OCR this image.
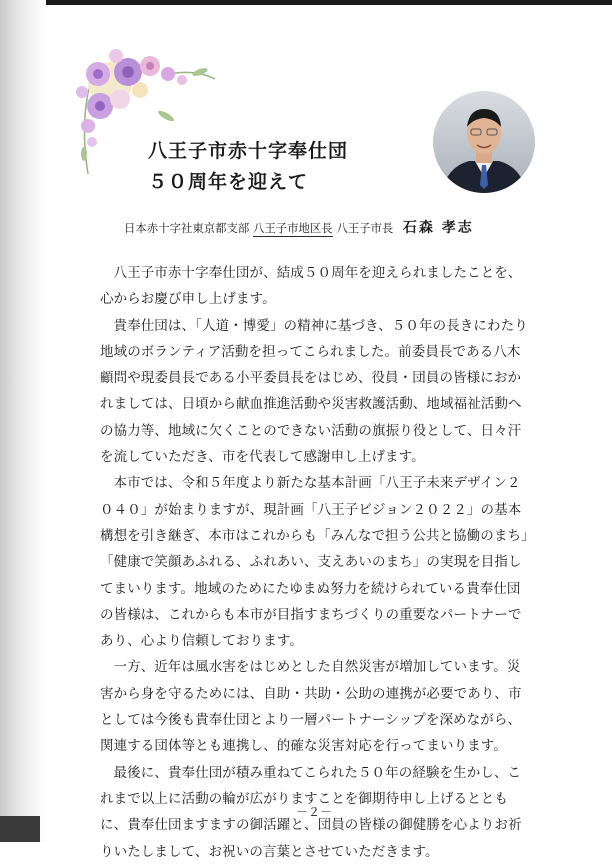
八王子市赤十字奉仕団
５０周年を迎えて
日本赤十字社東京都支部 八王子市地区長 八王子市長 石森 孝志

八王子市赤十字奉仕団が、結成５０周年を迎えられましたことを、心からお慶び申し上げます。

貴奉仕団は、「人道・博愛」の精神に基づき、５０年の長きにわたり地域のボランティア活動を担ってこられました。前委員長である八木顧問や現委員長である小平委員長をはじめ、役員・団員の皆様におかれましては、日頃から献血推進活動や災害救護活動、地域福祉活動への協力等、地域に欠くことのできない活動の旗振り役として、日々汗を流していただき、市を代表して感謝申し上げます。

本市では、令和５年度より新たな基本計画「八王子未来デザイン２０４０」が始まりますが、現計画「八王子ビジョン２０２２」の基本構想を引き継ぎ、本市はこれからも「みんなで担う公共と協働のまち」「健康で笑顔あふれる、ふれあい、支えあいのまち」の実現を目指してまいります。地域のためにたゆまぬ努力を続けられている貴奉仕団の皆様は、これからも本市が目指すまちづくりの重要なパートナーであり、心より信頼しております。

一方、近年は風水害をはじめとした自然災害が増加しています。災害から身を守るためには、自助・共助・公助の連携が必要であり、市としては今後も貴奉仕団とより一層パートナーシップを深めながら、関連する団体等とも連携し、的確な災害対応を行ってまいります。

最後に、貴奉仕団が積み重ねてこられた５０年の経験を生かし、これまで以上に活動の輪が広がりますことを御期待申し上げるとともに、貴奉仕団ますますの御活躍と、団員の皆様の御健勝を心よりお祈りいたしまして、お祝いの言葉とさせていただきます。

－２－
